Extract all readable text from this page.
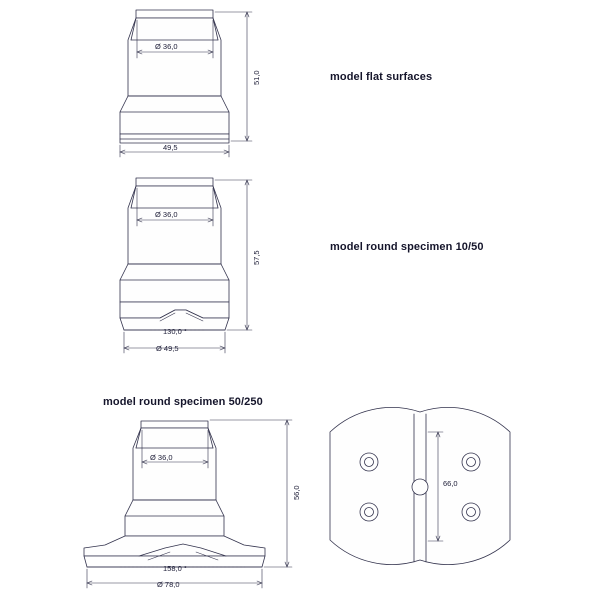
model flat surfaces
Ø 36,0
51,0
49,5
model round specimen 10/50
Ø 36,0
57,5
130,0 °
Ø 49,5
model round specimen 50/250
Ø 36,0
56,0
158,0 °
Ø 78,0
66,0
